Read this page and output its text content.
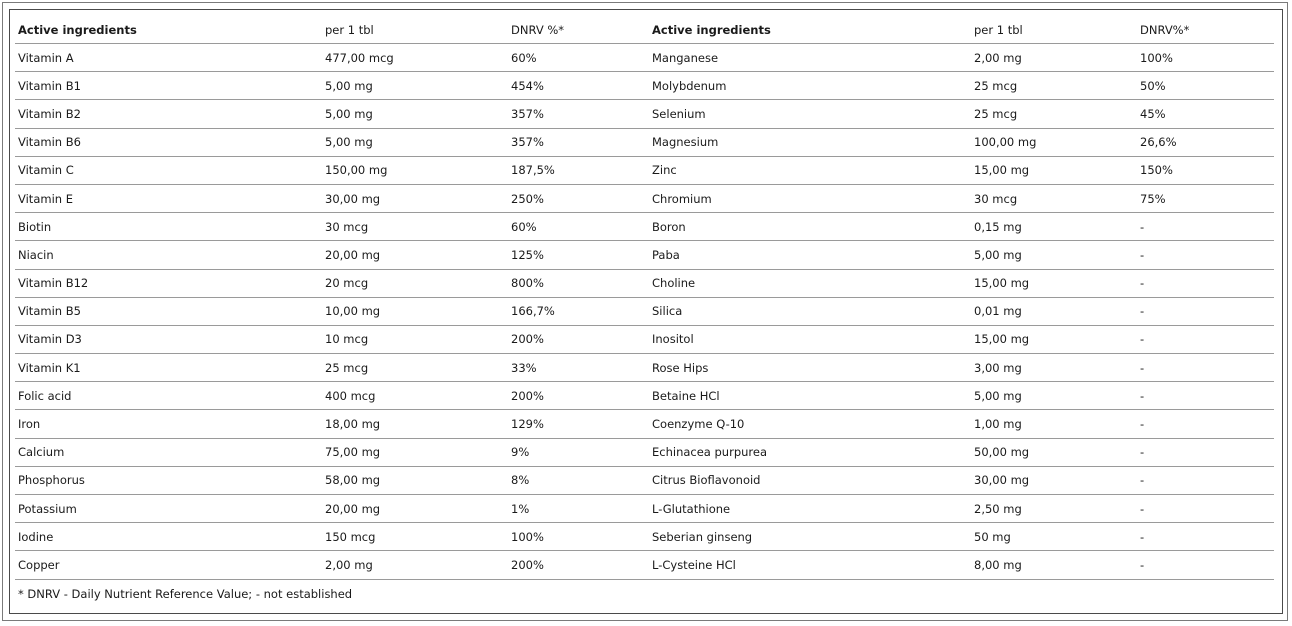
Active ingredients	per 1 tbl	DNRV %*	Active ingredients	per 1 tbl	DNRV%*
Vitamin A	477,00 mcg	60%	Manganese	2,00 mg	100%
Vitamin B1	5,00 mg	454%	Molybdenum	25 mcg	50%
Vitamin B2	5,00 mg	357%	Selenium	25 mcg	45%
Vitamin B6	5,00 mg	357%	Magnesium	100,00 mg	26,6%
Vitamin C	150,00 mg	187,5%	Zinc	15,00 mg	150%
Vitamin E	30,00 mg	250%	Chromium	30 mcg	75%
Biotin	30 mcg	60%	Boron	0,15 mg	-
Niacin	20,00 mg	125%	Paba	5,00 mg	-
Vitamin B12	20 mcg	800%	Choline	15,00 mg	-
Vitamin B5	10,00 mg	166,7%	Silica	0,01 mg	-
Vitamin D3	10 mcg	200%	Inositol	15,00 mg	-
Vitamin K1	25 mcg	33%	Rose Hips	3,00 mg	-
Folic acid	400 mcg	200%	Betaine HCl	5,00 mg	-
Iron	18,00 mg	129%	Coenzyme Q-10	1,00 mg	-
Calcium	75,00 mg	9%	Echinacea purpurea	50,00 mg	-
Phosphorus	58,00 mg	8%	Citrus Bioflavonoid	30,00 mg	-
Potassium	20,00 mg	1%	L-Glutathione	2,50 mg	-
Iodine	150 mcg	100%	Seberian ginseng	50 mg	-
Copper	2,00 mg	200%	L-Cysteine HCl	8,00 mg	-
* DNRV - Daily Nutrient Reference Value; - not established					
